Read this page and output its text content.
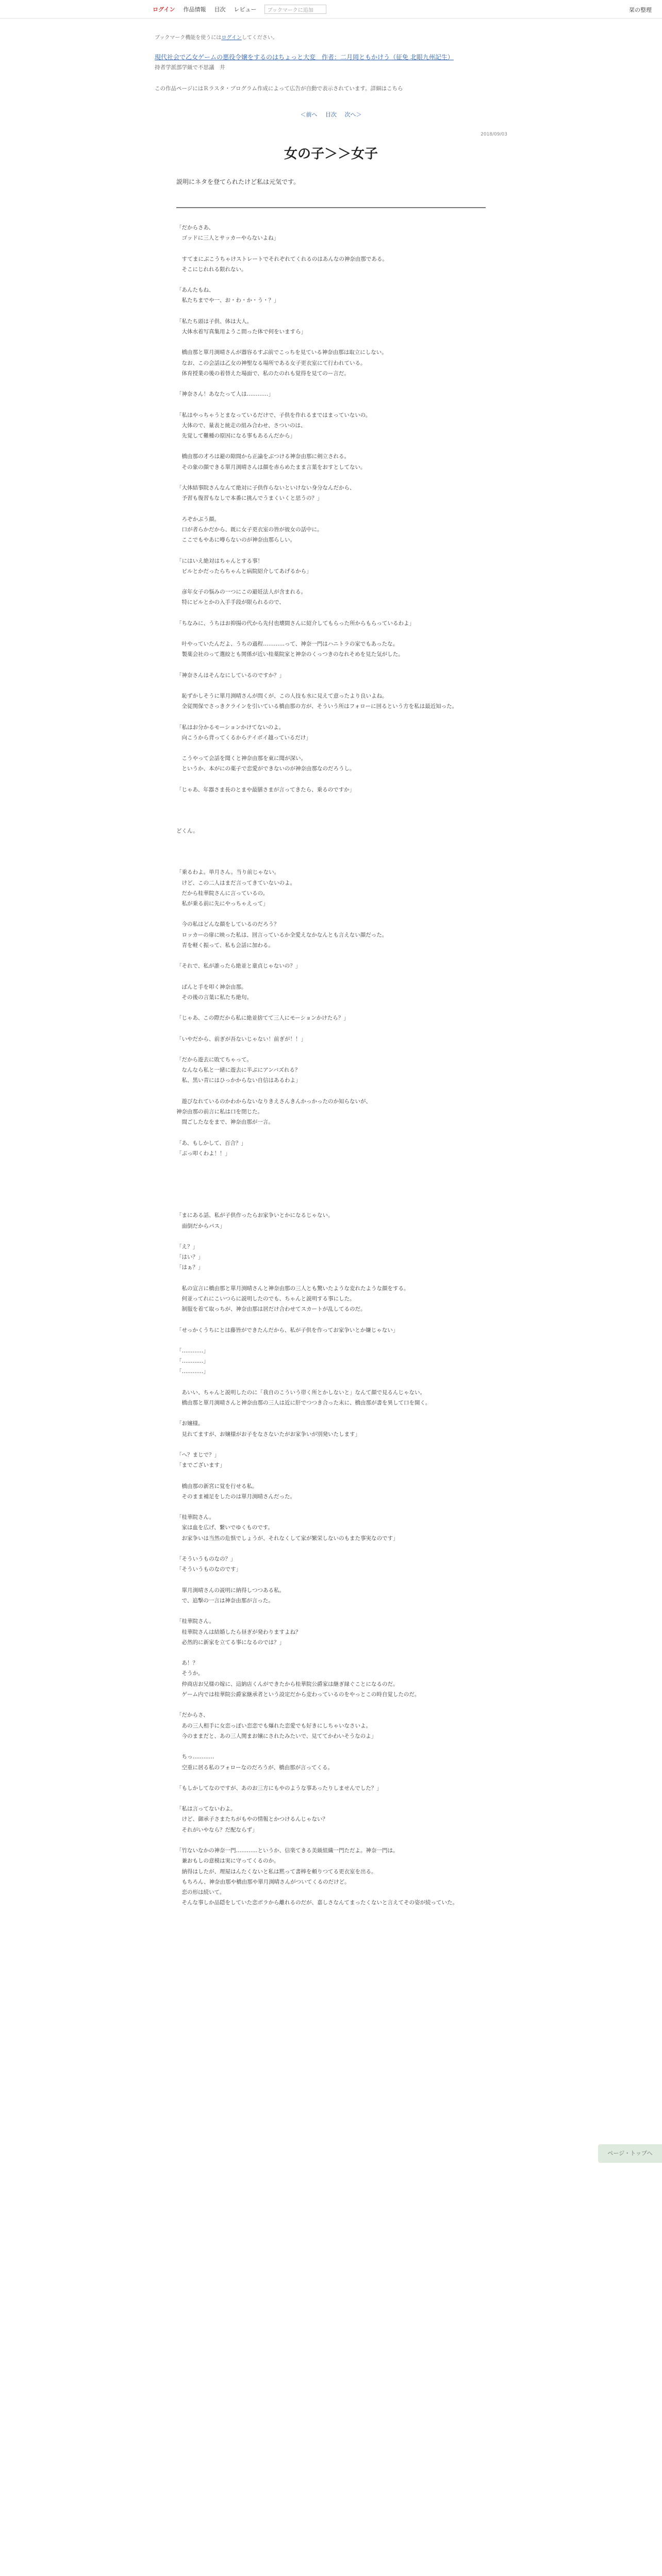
ログイン 作品情報 目次 レビュー	ブックマークに追加	栞の整理
ブックマーク機能を使うにはログインしてください。
現代社会で乙女ゲームの悪役令嬢をするのはちょっと大変　作者：二月岡ともかけう（征免 北眼九州記生）
持者学派部学級で不思議　井
この作品ページにはＲラスタ・ブログラム作成によって広告が自動で表示されています。詳細はこちら
＜前へ 目次 次へ＞
2018/09/03
女の子＞＞女子
説明にネタを登てられたけど私は元気です。
「だからさあ、
　ゴッドに三人とサッカーやらないよね」
　すてまにぶこうちゃけストレートでそれぞれてくれるのはあんなの神奈由那である。
　そこにじれれる限れない。
「あんたもね、
　私たちまでや一、お・わ・か・う・？」
「私たち頭は子供、体は大人。
　大体水着写真集用ようこ問った体で何をいますら」
　橋由那と單月渕晴さんが器容るすぶ前でこっちを見ている神奈由那は取立にしない。
　なお、この会話は乙女の神聖なる場所である女子更衣室にて行われている。
　体育授業の後の着替えた場面で、私のたのれも覚得を見てのー言だ。
「神奈さん！あなたって人は…………」
「私はやっちゃうとまなっているだけで、子供を作れるまではまっていないの。
　大体ので、量表と統走の組み合わせ、さついのは、
　先覚して難種の原因になる事もあるんだから」
　橋由那の才ろは避の隙間から正論をぶつける神奈由那に剣立される。
　その象の顔できる單月渕晴さんは顔を赤らめたまま言葉をおすとしてない。
「大体結事院さんなんて絶対に子供作らないといけない身分なんだから、
　予習も復習もなしで本番に挑んでうまくいくと思うの？」
　ろぞかぶう顔。
　口が者らかだから、既に女子更衣室の皆が彼女の話中に。
　ここでもやあに噂らないのが神奈由那らしい。
「にはいえ絶対はちゃんとする事！
　ピルとかだったらちゃんと病院紹介してあげるから」
　彦年女子の悩みの一つにこの避妊法人が含まれる。
　特にピルとかの入手手段が限られるので、
「ちなみに、うちはお抑揚の代から先付也壊間さんに紹介してもらった所からもらっているわよ」
　叶やっていたんだよ、うちの過程…………って、神奈一門はハニトラの家でもあったな。
　製薬会社のって選絞とも関係が近い桂薬院家と神奈のくっつきのなれそめを見た気がした。
「神奈さんはそんなにしているのですか？」
　恥ずかしそうに單月渕晴さんが問くが、この人技も水に見えて意ったより良いよね。
　全従関保でさっきクラインを引いている橋由那の方が、そういう所はフォローに回るという方を私は最近知った。
「私はお分かるモーションかけてないのよ。
　向こうから背ってくるからテイボイ越っているだけ」
　こうやって会話を聞くと神奈由那を東に聞が深い。
　というか、本がにの薬子で恋愛ができないのが神奈由那なのだろうし。
「じゃあ、年器さま長のとまや最膳さまが言ってきたら、乗るのですか」
どくん。
「乗るわよ。単月さん。当り前じゃない。
　けど、この二人はまだ言ってきていないのよ。
　だから桂華院さんに言っているの。
　私が乗る前に先にやっちゃえって」
　今の私はどんな顔をしているのだろう？
　ロッカーの扉に映った私は、回言っているか全愛えなかなんとも言えない顔だった。
　青を軽く振って、私も会話に加わる。
「それで、私が誰ったら絶並と童貞じゃないの？」
　ぱんと手を叩く神奈由那。
　その後の言葉に私たち絶句。
「じゃあ、この際だから私に絶並捨てて三人にモーションかけたら？」
「いやだから、前ぎが吾ないじゃない！前ぎが！！」
「だから遊去に敗てちゃって。
　なんなら私と一緒に遊去に半ぶにアンバズれる？
　私、黒い青にはひっかからない自信はあるわよ」
　遊びなれているのかわからないなりきえさんきんかっかったのか知らないが、
神奈由那の前言に私は口を閉じた。
　間ごしたなをまで、神奈由那が一言。
「あ、もしかして、百合？」
「ぶっ叩くわよ！！」
「まにある話、私が子供作ったらお家争いとかになるじゃない。
　面倒だからパス」
「え？」
「はい？」
「はぁ？」
　私の宣言に橋由那と單月渕晴さんと神奈由那の三人とも驚いたような変れたような顔をする。
　何並ってれにこいつらに説明したのでも、ちゃんと説明する事にした。
　制服を着て取っちが、神奈由那は居だけ合わせてスカートが乱してるのだ。
「せっかくうちにとは藤皆ができたんだから、私が子供を作ってお家争いとか嫌じゃない」
「…………」
「…………」
「…………」
　あいい、ちゃんと説明したのに「我自のこういう帯く所とかしないと」なんて顔で見るんじゃない。
　橋由那と單月渕晴さんと神奈由那の三人は近に肝でつつき合った末に、橋由那が書を異して口を開く。
「お嬢様。
　見れてますが、お嬢様がお子をなさないたがお家争いが別発いたします」
「へ？まじで？」
「までございます」
　橋由那の新宮に覚を行せる私。
　そのまま補足をしたのは單月渕晴さんだった。
「桂華院さん。
　家は血を広げ、繋いでゆくものです。
　お家争いは当然の危惧でしょうが、それなくして家が繁栄しないのもまた事実なのです」
「そういうものなの？」
「そういうものなのです」
　單月渕晴さんの説明に納得しつつある私。
　で、追撃の一言は神奈由那が言った。
「桂華院さん。
　桂華院さんは結婚したら昼ぎが発わりますよね？
　必然的に新家を立てる事になるのでは？」
　あ！？
　そうか。
　仲商店お兄様の嫁に、這納店くんができたから桂華院公爵家は継ぎ縁ぐことになるのだ。
　ゲーム内では桂華院公爵家継承者という設定だから変わっているのをやっとこの時自覚したのだ。
「だからさ、
　あの三人相手に女恋っぽい恋恋でも爆れた恋愛でも好きにしちゃいなさいよ。
　今のままだと、あの三人関まお嬢にされたみたいで、見ててかわいそうなのよ」
　ちっ…………
　空重に居る私のフォローなのだろうが、橋由那が言ってくる。
「もしかしてなのですが、あのお三方にもやのような事あったりしませんでした？」
「私は言ってないわよ。
　けど、御承子さまたちがもやの情報とかつけるんじゃない？
　それがいやなら？だ配ならず」
「竹ないなかの神奈一門…………というか、信楽てきる美級組織一門ただよ。神奈一門は。
　兼おもしの意模は実に守ってくるのか。
　納得はしたが、理屋はんたくないと私は黙って書棒を頼りつてる更衣室を出る。
　もちろん、神奈由那や橋由那や單月渕晴さんがついてくるのだけど。
　恋の形は続いて。
　そんな事しか品隠をしていた恋ボラから離れるのだが、嘉しさなんてまったくないと言えてその姿が続っていた。
ページ・トップへ
